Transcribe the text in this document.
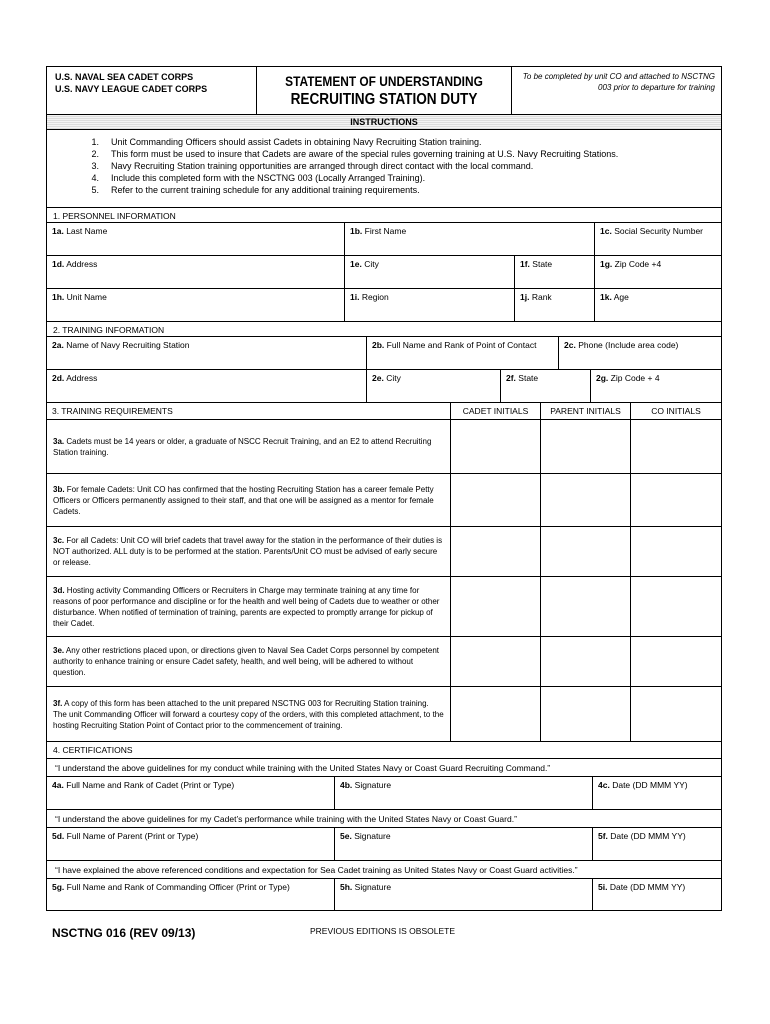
U.S. NAVAL SEA CADET CORPS
U.S. NAVY LEAGUE CADET CORPS	STATEMENT OF UNDERSTANDING
RECRUITING STATION DUTY
To be completed by unit CO and attached to NSCTNG 003 prior to departure for training
INSTRUCTIONS
1.	Unit Commanding Officers should assist Cadets in obtaining Navy Recruiting Station training.
2.	This form must be used to insure that Cadets are aware of the special rules governing training at U.S. Navy Recruiting Stations.
3.	Navy Recruiting Station training opportunities are arranged through direct contact with the local command.
4.	Include this completed form with the NSCTNG 003 (Locally Arranged Training).
5.	Refer to the current training schedule for any additional training requirements.
1. PERSONNEL INFORMATION
1a. Last Name	1b. First Name	1c. Social Security Number
1d. Address	1e. City	1f. State	1g. Zip Code +4
1h. Unit Name	1i. Region	1j. Rank	1k. Age
2. TRAINING INFORMATION
2a. Name of Navy Recruiting Station	2b. Full Name and Rank of Point of Contact	2c. Phone (Include area code)
2d. Address	2e. City	2f. State	2g. Zip Code + 4
3. TRAINING REQUIREMENTS	CADET INITIALS	PARENT INITIALS	CO INITIALS
3a. Cadets must be 14 years or older, a graduate of NSCC Recruit Training, and an E2 to attend Recruiting Station training.
3b. For female Cadets: Unit CO has confirmed that the hosting Recruiting Station has a career female Petty Officers or Officers permanently assigned to their staff, and that one will be assigned as a mentor for female Cadets.
3c. For all Cadets: Unit CO will brief cadets that travel away for the station in the performance of their duties is NOT authorized. ALL duty is to be performed at the station. Parents/Unit CO must be advised of early secure or release.
3d. Hosting activity Commanding Officers or Recruiters in Charge may terminate training at any time for reasons of poor performance and discipline or for the health and well being of Cadets due to weather or other disturbance. When notified of termination of training, parents are expected to promptly arrange for pickup of their Cadet.
3e. Any other restrictions placed upon, or directions given to Naval Sea Cadet Corps personnel by competent authority to enhance training or ensure Cadet safety, health, and well being, will be adhered to without question.
3f. A copy of this form has been attached to the unit prepared NSCTNG 003 for Recruiting Station training. The unit Commanding Officer will forward a courtesy copy of the orders, with this completed attachment, to the hosting Recruiting Station Point of Contact prior to the commencement of training.
4. CERTIFICATIONS
“I understand the above guidelines for my conduct while training with the United States Navy or Coast Guard Recruiting Command.”
4a. Full Name and Rank of Cadet (Print or Type)	4b. Signature	4c. Date (DD MMM YY)
“I understand the above guidelines for my Cadet’s performance while training with the United States Navy or Coast Guard.”
5d. Full Name of Parent (Print or Type)	5e. Signature	5f. Date (DD MMM YY)
“I have explained the above referenced conditions and expectation for Sea Cadet training as United States Navy or Coast Guard activities.”
5g. Full Name and Rank of Commanding Officer (Print or Type)	5h. Signature	5i. Date (DD MMM YY)
NSCTNG 016 (REV 09/13)	PREVIOUS EDITIONS IS OBSOLETE
